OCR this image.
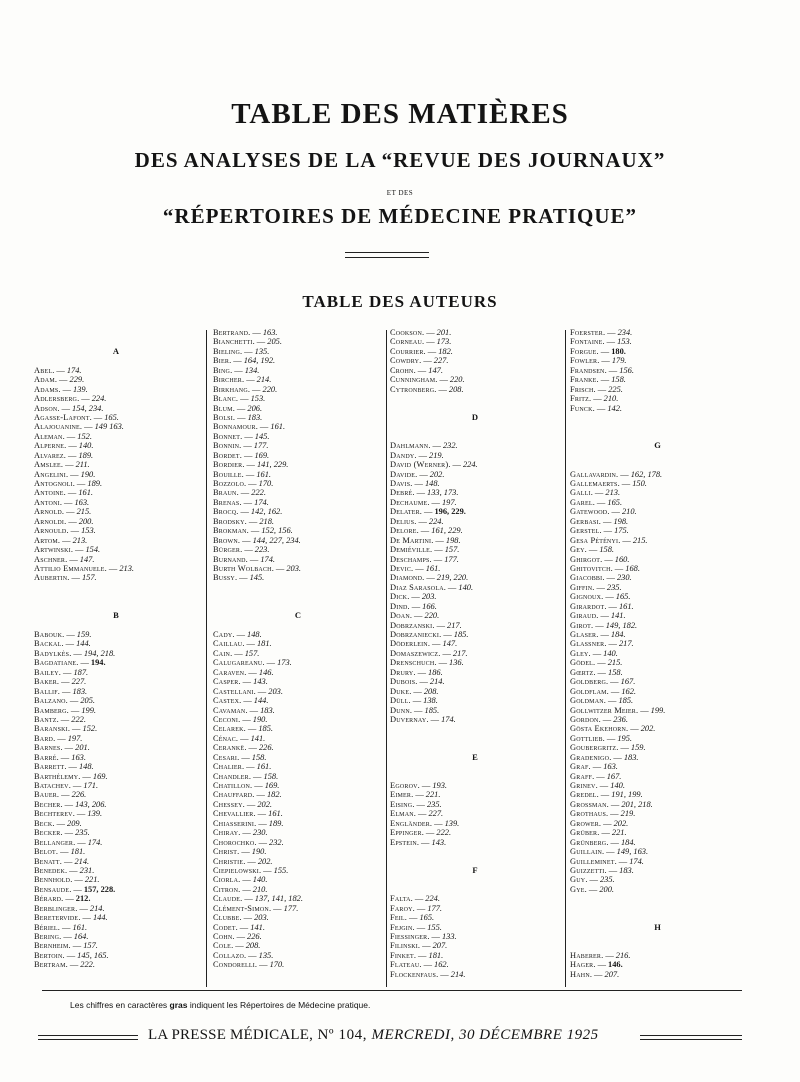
TABLE DES MATIÈRES
DES ANALYSES DE LA “REVUE DES JOURNAUX”
ET DES
“RÉPERTOIRES DE MÉDECINE PRATIQUE”
TABLE DES AUTEURS
A
Abel. — 174.
Adam. — 229.
Adams. — 139.
Adlersberg. — 224.
Adson. — 154, 234.
Agasse-Lafont. — 165.
Alajouanine. — 149 163.
Aleman. — 152.
Alperne. — 140.
Alvarez. — 189.
Amslee. — 211.
Angelini. — 190.
Antognoli. — 189.
Antoine. — 161.
Antoni. — 163.
Arnold. — 215.
Arnoldi. — 200.
Arnould. — 153.
Artom. — 213.
Artwinski. — 154.
Aschner. — 147.
Attilio Emmanuele. — 213.
Aubertin. — 157.
B
Babouk. — 159.
Backal. — 144.
Badylkès. — 194, 218.
Bagdatiane. — 194.
Bailey. — 187.
Baker. — 227.
Ballif. — 183.
Balzano. — 205.
Bamberg. — 199.
Bantz. — 222.
Baranski. — 152.
Bard. — 197.
Barnes. — 201.
Barré. — 163.
Barrett. — 148.
Barthélemy. — 169.
Batachev. — 171.
Bauer. — 226.
Becher. — 143, 206.
Bechterev. — 139.
Beck. — 209.
Becker. — 235.
Bellanger. — 174.
Belot. — 181.
Benatt. — 214.
Benedek. — 231.
Bennhold. — 221.
Bensaude. — 157, 228.
Bérard. — 212.
Berblinger. — 214.
Beretervide. — 144.
Bériel. — 161.
Bering. — 164.
Bernheim. — 157.
Bertoin. — 145, 165.
Bertram. — 222.
Bertrand. — 163.
Bianchetti. — 205.
Bieling. — 135.
Bier. — 164, 192.
Bing. — 134.
Bircher. — 214.
Birkhang. — 220.
Blanc. — 153.
Blum. — 206.
Bolsi. — 183.
Bonnamour. — 161.
Bonnet. — 145.
Bonnin. — 177.
Bordet. — 169.
Bordier. — 141, 229.
Bouille. — 161.
Bozzolo. — 170.
Braun. — 222.
Brenas. — 174.
Brocq. — 142, 162.
Brodsky. — 218.
Brokman. — 152, 156.
Brown. — 144, 227, 234.
Bürger. — 223.
Burnand. — 174.
Burth Wolbach. — 203.
Bussy. — 145.
C
Cady. — 148.
Caillau. — 181.
Cain. — 157.
Calugareanu. — 173.
Caraven. — 146.
Casper. — 143.
Castellani. — 203.
Castex. — 144.
Cavaman. — 183.
Ceconi. — 190.
Celarek. — 185.
Cénac. — 141.
Cerankë. — 226.
Cesari. — 158.
Chalier. — 161.
Chandler. — 158.
Chatillon. — 169.
Chauffard. — 182.
Chessey. — 202.
Chevallier. — 161.
Chiasserini. — 189.
Chiray. — 230.
Chorochko. — 232.
Christ. — 190.
Christie. — 202.
Ciepielowski. — 155.
Ciorla. — 140.
Citron. — 210.
Claude. — 137, 141, 182.
Clément-Simon. — 177.
Clubbe. — 203.
Codet. — 141.
Cohn. — 226.
Cole. — 208.
Collazo. — 135.
Condorelli. — 170.
Cookson. — 201.
Corneau. — 173.
Courrier. — 182.
Cowdry. — 227.
Crohn. — 147.
Cunningham. — 220.
Cytronberg. — 208.
D
Dahlmann. — 232.
Dandy. — 219.
David (Werner). — 224.
Davide. — 202.
Davis. — 148.
Debré. — 133, 173.
Dechaume. — 197.
Delater. — 196, 229.
Delius. — 224.
Delore. — 161, 229.
De Martini. — 198.
Demiéville. — 157.
Deschamps. — 177.
Devic. — 161.
Diamond. — 219, 220.
Diaz Sarasola. — 140.
Dick. — 203.
Dind. — 166.
Doan. — 220.
Dobrzanski. — 217.
Dobrzaniecki. — 185.
Döderlein. — 147.
Domaszewicz. — 217.
Drenschuch. — 136.
Drury. — 186.
Dubois. — 214.
Duke. — 208.
Düll. — 138.
Dunn. — 185.
Duvernay. — 174.
E
Egorov. — 193.
Eimer. — 221.
Eising. — 235.
Elman. — 227.
Engländer. — 139.
Eppinger. — 222.
Epstein. — 143.
F
Falta. — 224.
Faroy. — 177.
Feil. — 165.
Fejgin. — 155.
Fiessinger. — 133.
Filinski. — 207.
Finket. — 181.
Flateau. — 162.
Flockenfaus. — 214.
Foerster. — 234.
Fontaine. — 153.
Forgue. — 180.
Fowler. — 179.
Frandsen. — 156.
Franke. — 158.
Frisch. — 225.
Fritz. — 210.
Funck. — 142.
G
Gallavardin. — 162, 178.
Gallemaerts. — 150.
Galli. — 213.
Garel. — 165.
Gatewood. — 210.
Gerbasi. — 198.
Gerstel. — 175.
Gesa Pétényi. — 215.
Gey. — 158.
Ghirgot. — 160.
Ghitovitch. — 168.
Giacobbi. — 230.
Giffin. — 235.
Gignoux. — 165.
Girardot. — 161.
Giraud. — 141.
Girot. — 149, 182.
Glaser. — 184.
Glassner. — 217.
Gley. — 140.
Gödel. — 215.
Gœrtz. — 158.
Goldberg. — 167.
Goldflam. — 162.
Goldman. — 185.
Gollwitzer Meier. — 199.
Gordon. — 236.
Gösta Ekehorn. — 202.
Gottlieb. — 195.
Goubergritz. — 159.
Gradenigo. — 183.
Graf. — 163.
Graff. — 167.
Grinev. — 140.
Gredel. — 191, 199.
Grossman. — 201, 218.
Grothaus. — 219.
Grower. — 202.
Grüber. — 221.
Grünberg. — 184.
Guillain. — 149, 163.
Guilleminet. — 174.
Guizzetti. — 183.
Guy. — 235.
Gye. — 200.
H
Haberer. — 216.
Hager. — 146.
Hahn. — 207.
Les chiffres en caractères gras indiquent les Répertoires de Médecine pratique.
LA PRESSE MÉDICALE, Nº 104, MERCREDI, 30 DÉCEMBRE 1925
